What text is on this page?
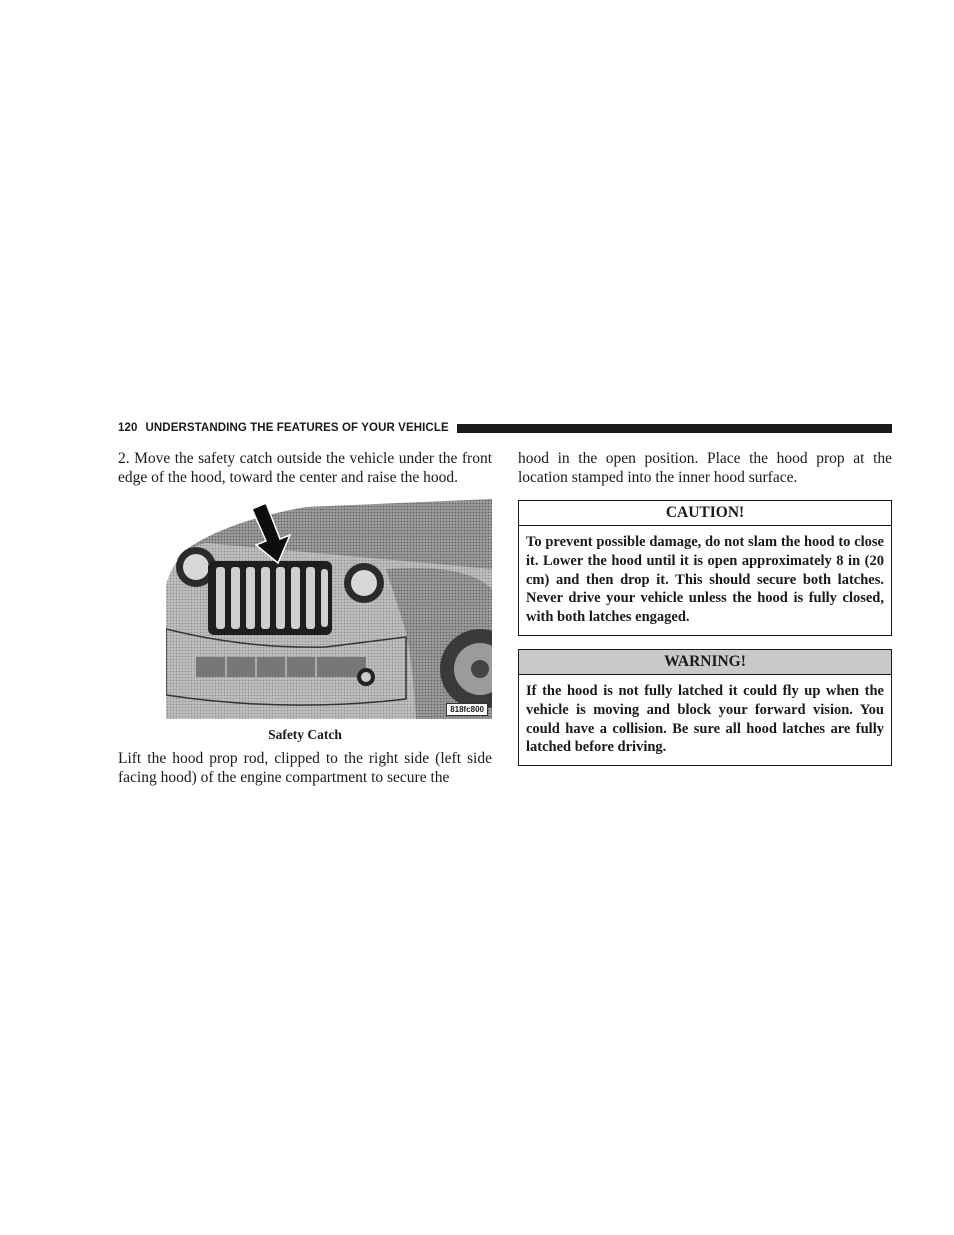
120 UNDERSTANDING THE FEATURES OF YOUR VEHICLE

2. Move the safety catch outside the vehicle under the front edge of the hood, toward the center and raise the hood.

818fc800
Safety Catch

Lift the hood prop rod, clipped to the right side (left side facing hood) of the engine compartment to secure the

hood in the open position. Place the hood prop at the location stamped into the inner hood surface.

CAUTION!
To prevent possible damage, do not slam the hood to close it. Lower the hood until it is open approximately 8 in (20 cm) and then drop it. This should secure both latches. Never drive your vehicle unless the hood is fully closed, with both latches engaged.
WARNING!
If the hood is not fully latched it could fly up when the vehicle is moving and block your forward vision. You could have a collision. Be sure all hood latches are fully latched before driving.
